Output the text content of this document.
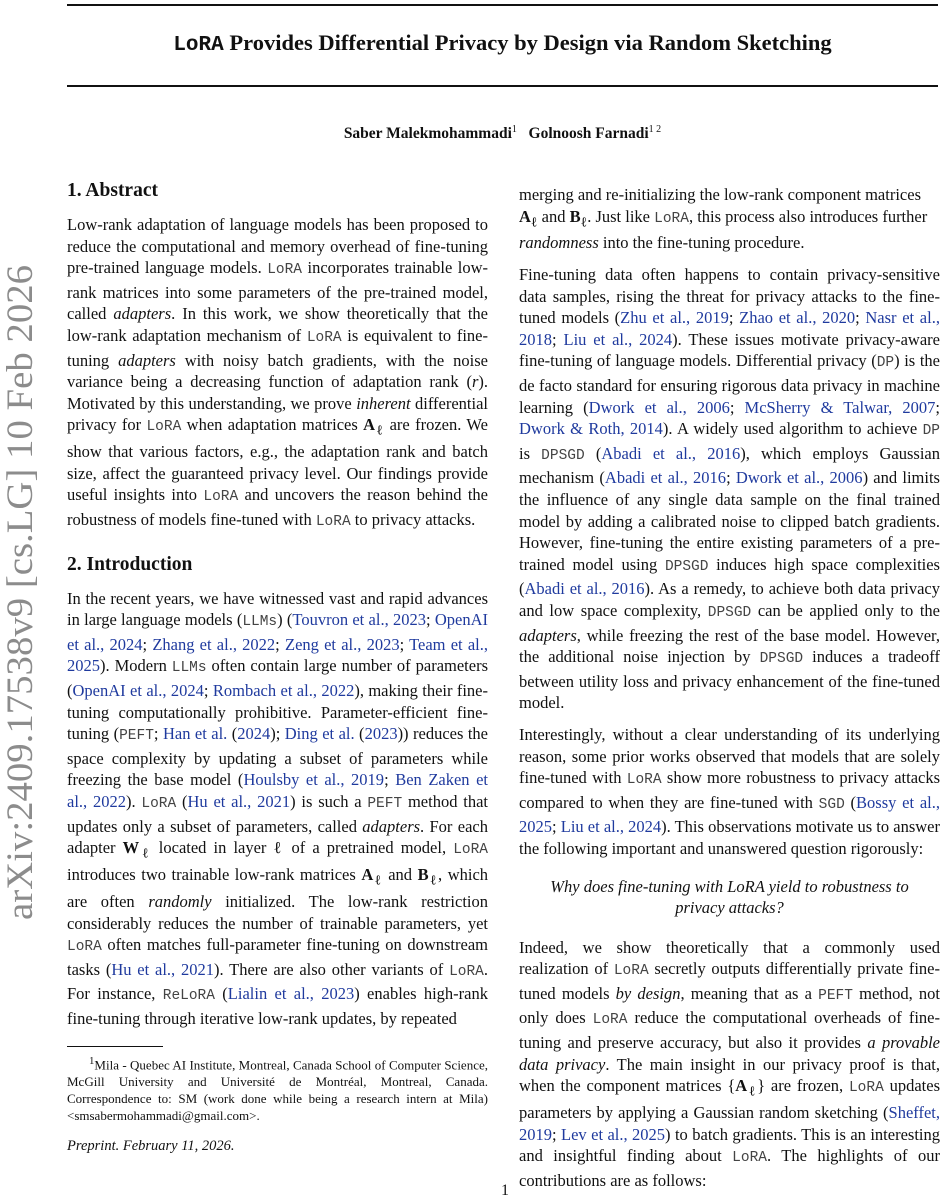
arXiv:2409.17538v9 [cs.LG] 10 Feb 2026
LoRA Provides Differential Privacy by Design via Random Sketching
Saber Malekmohammadi$^1$ Golnoosh Farnadi$^{1 2}$
1. Abstract

Low-rank adaptation of language models has been proposed to reduce the computational and memory overhead of fine-tuning pre-trained language models. LoRA incorporates trainable low-rank matrices into some parameters of the pre-trained model, called adapters. In this work, we show theoretically that the low-rank adaptation mechanism of LoRA is equivalent to fine-tuning adapters with noisy batch gradients, with the noise variance being a decreasing function of adaptation rank (r). Motivated by this understanding, we prove inherent differential privacy for LoRA when adaptation matrices $A_\ell$ are frozen. We show that various factors, e.g., the adaptation rank and batch size, affect the guaranteed privacy level. Our findings provide useful insights into LoRA and uncovers the reason behind the robustness of models fine-tuned with LoRA to privacy attacks.

2. Introduction

In the recent years, we have witnessed vast and rapid advances in large language models (LLMs) (Touvron et al., 2023; OpenAI et al., 2024; Zhang et al., 2022; Zeng et al., 2023; Team et al., 2025). Modern LLMs often contain large number of parameters (OpenAI et al., 2024; Rombach et al., 2022), making their fine-tuning computationally prohibitive. Parameter-efficient fine-tuning (PEFT; Han et al. (2024); Ding et al. (2023)) reduces the space complexity by updating a subset of parameters while freezing the base model (Houlsby et al., 2019; Ben Zaken et al., 2022). LoRA (Hu et al., 2021) is such a PEFT method that updates only a subset of parameters, called adapters. For each adapter $W_\ell$ located in layer ℓ of a pretrained model, LoRA introduces two trainable low-rank matrices $A_\ell$ and $B_\ell$, which are often randomly initialized. The low-rank restriction considerably reduces the number of trainable parameters, yet LoRA often matches full-parameter fine-tuning on downstream tasks (Hu et al., 2021). There are also other variants of LoRA. For instance, ReLoRA (Lialin et al., 2023) enables high-rank fine-tuning through iterative low-rank updates, by repeated

$^1$Mila - Quebec AI Institute, Montreal, Canada School of Computer Science, McGill University and Université de Montréal, Montreal, Canada. Correspondence to: SM (work done while being a research intern at Mila) <smsabermohammadi@gmail.com>.
Preprint. February 11, 2026.

merging and re-initializing the low-rank component matrices $A_\ell$ and $B_\ell$. Just like LoRA, this process also introduces further randomness into the fine-tuning procedure.

Fine-tuning data often happens to contain privacy-sensitive data samples, rising the threat for privacy attacks to the fine-tuned models (Zhu et al., 2019; Zhao et al., 2020; Nasr et al., 2018; Liu et al., 2024). These issues motivate privacy-aware fine-tuning of language models. Differential privacy (DP) is the de facto standard for ensuring rigorous data privacy in machine learning (Dwork et al., 2006; McSherry & Talwar, 2007; Dwork & Roth, 2014). A widely used algorithm to achieve DP is DPSGD (Abadi et al., 2016), which employs Gaussian mechanism (Abadi et al., 2016; Dwork et al., 2006) and limits the influence of any single data sample on the final trained model by adding a calibrated noise to clipped batch gradients. However, fine-tuning the entire existing parameters of a pre-trained model using DPSGD induces high space complexities (Abadi et al., 2016). As a remedy, to achieve both data privacy and low space complexity, DPSGD can be applied only to the adapters, while freezing the rest of the base model. However, the additional noise injection by DPSGD induces a tradeoff between utility loss and privacy enhancement of the fine-tuned model.

Interestingly, without a clear understanding of its underlying reason, some prior works observed that models that are solely fine-tuned with LoRA show more robustness to privacy attacks compared to when they are fine-tuned with SGD (Bossy et al., 2025; Liu et al., 2024). This observations motivate us to answer the following important and unanswered question rigorously:

Why does fine-tuning with LoRA yield to robustness to privacy attacks?

Indeed, we show theoretically that a commonly used realization of LoRA secretly outputs differentially private fine-tuned models by design, meaning that as a PEFT method, not only does LoRA reduce the computational overheads of fine-tuning and preserve accuracy, but also it provides a provable data privacy. The main insight in our privacy proof is that, when the component matrices $\{A_\ell\}$ are frozen, LoRA updates parameters by applying a Gaussian random sketching (Sheffet, 2019; Lev et al., 2025) to batch gradients. This is an interesting and insightful finding about LoRA. The highlights of our contributions are as follows:

1
